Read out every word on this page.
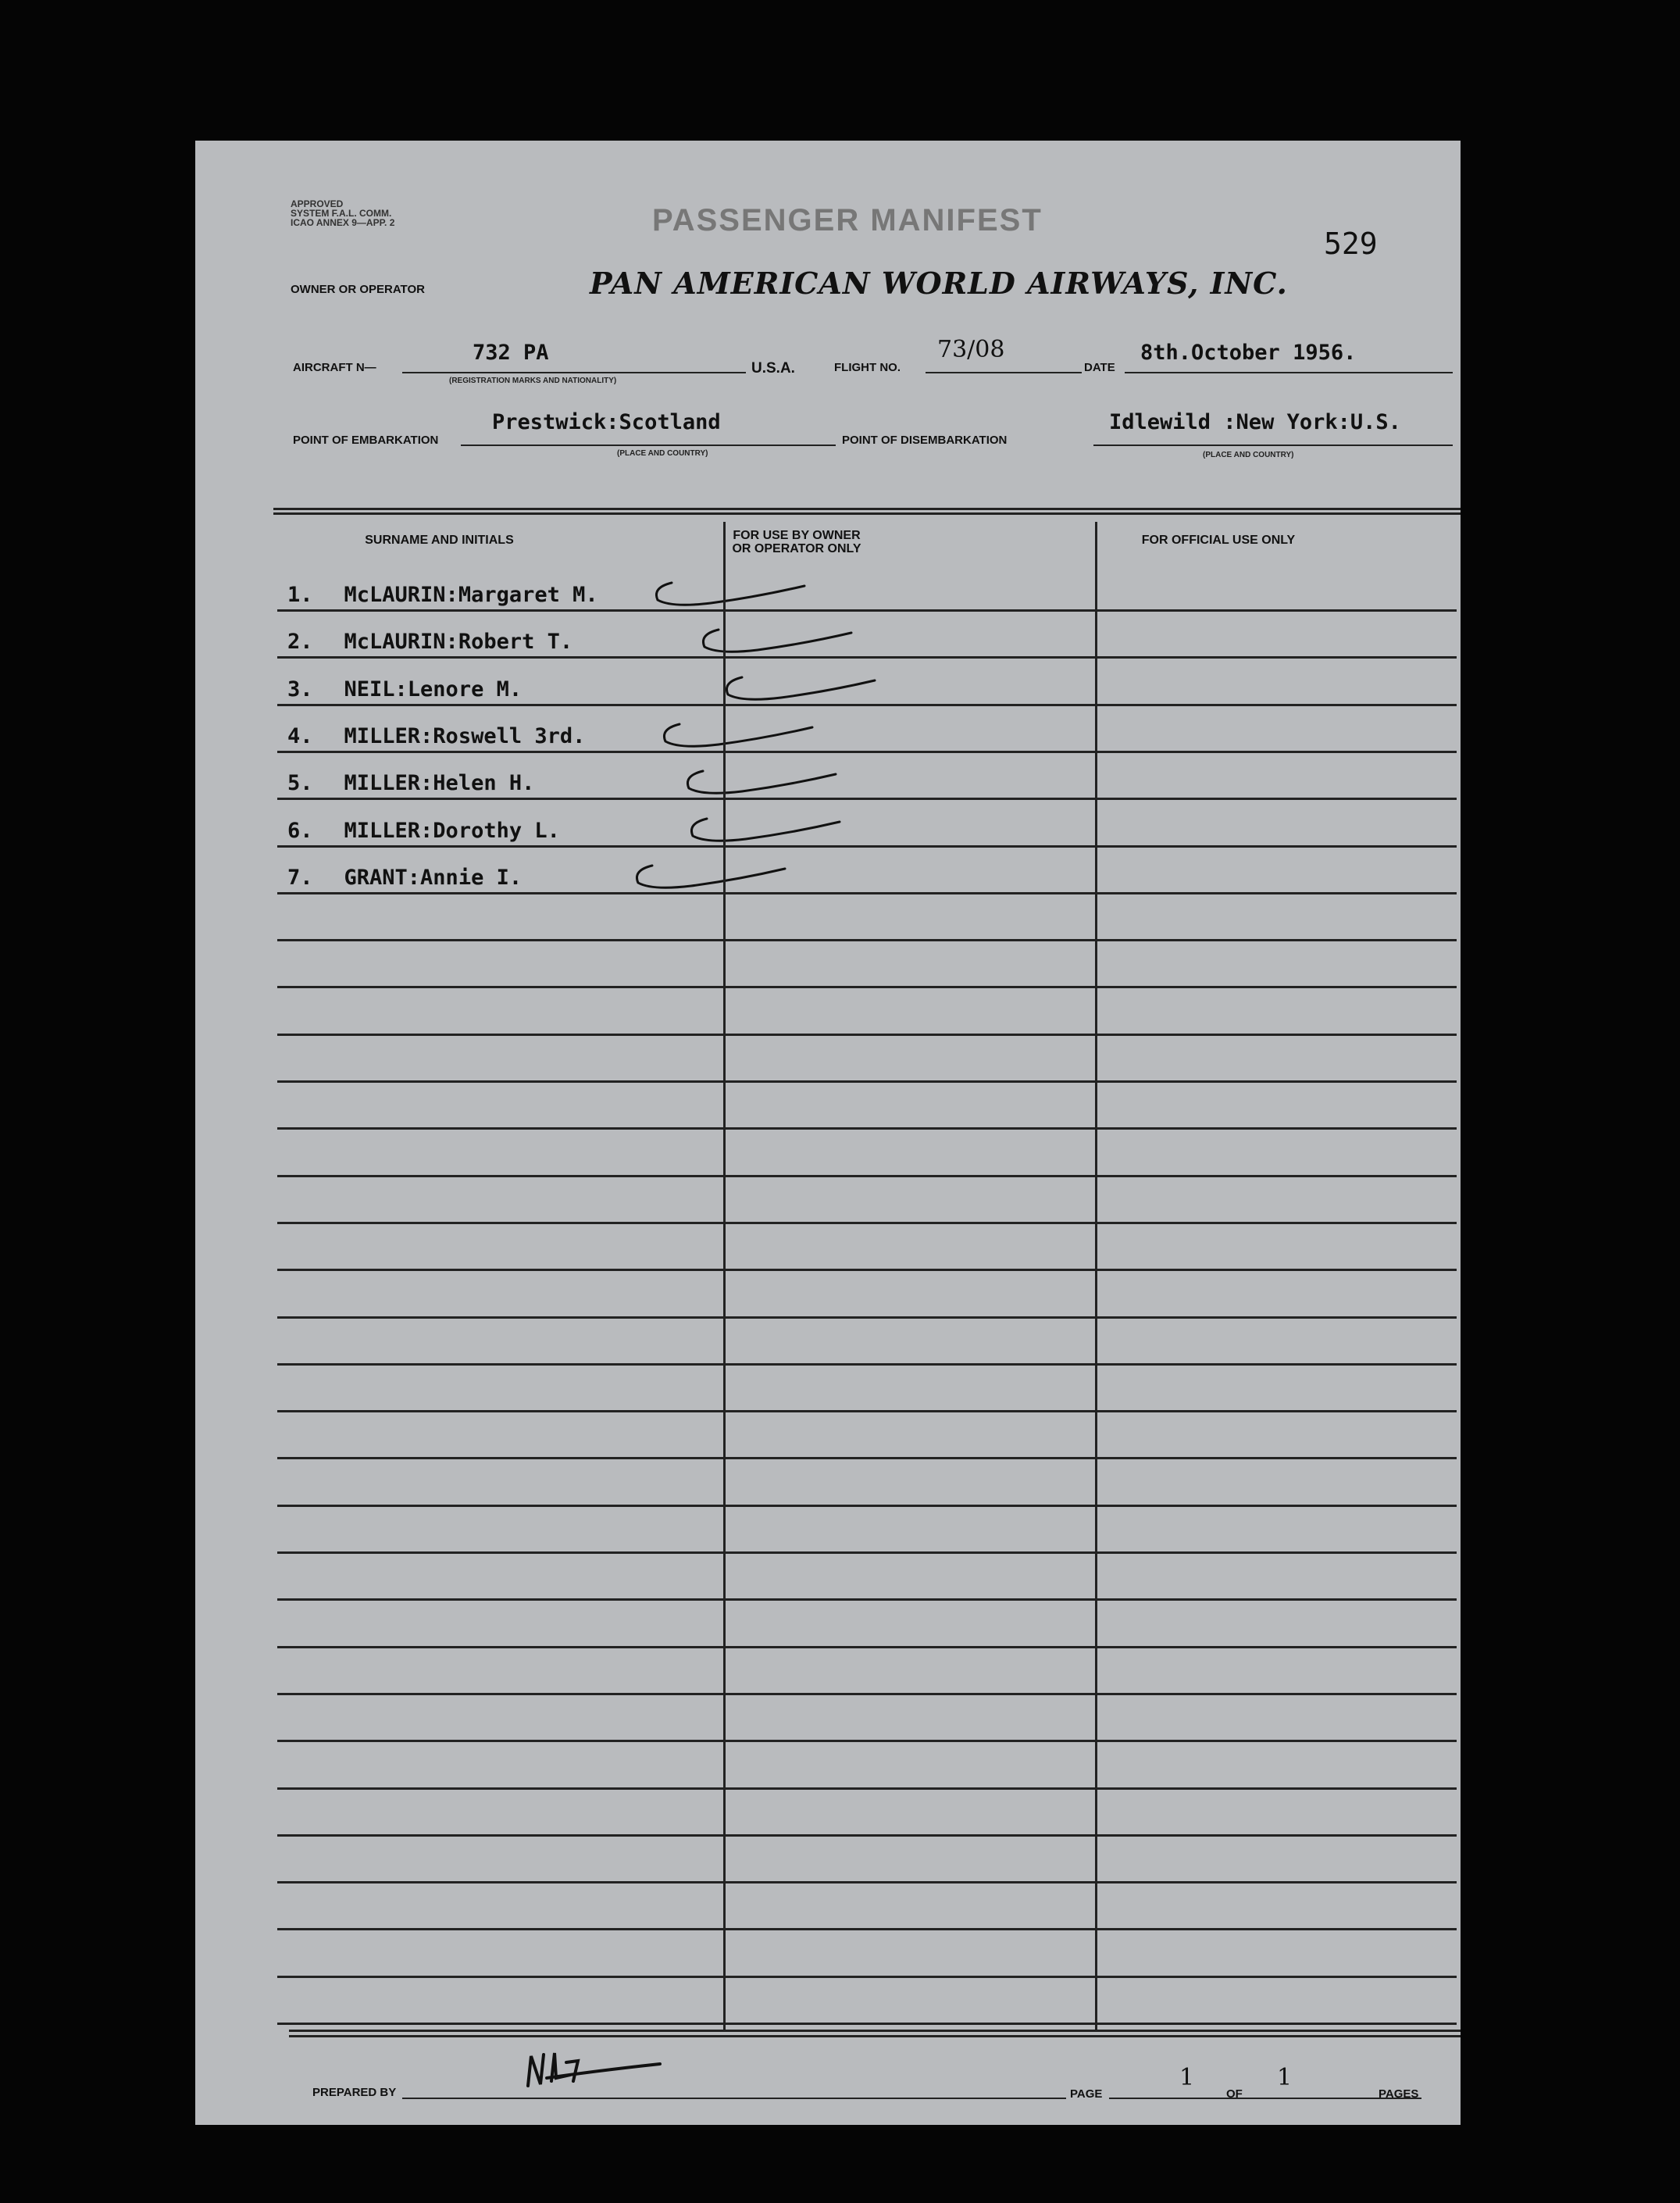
APPROVED
SYSTEM F.A.L. COMM.
ICAO ANNEX 9—APP. 2	PASSENGER MANIFEST
529
OWNER OR OPERATOR	PAN AMERICAN WORLD AIRWAYS, INC.
AIRCRAFT N—
732 PA
(REGISTRATION MARKS AND NATIONALITY)
U.S.A.	FLIGHT NO.
73/08
DATE
8th.October 1956.
POINT OF EMBARKATION
Prestwick:Scotland
(PLACE AND COUNTRY)
POINT OF DISEMBARKATION
Idlewild :New York:U.S.
(PLACE AND COUNTRY)
SURNAME AND INITIALS	FOR USE BY OWNER
OR OPERATOR ONLY
FOR OFFICIAL USE ONLY
1. McLAURIN:Margaret M.
2. McLAURIN:Robert T.
3. NEIL:Lenore M.
4. MILLER:Roswell 3rd.
5. MILLER:Helen H.
6. MILLER:Dorothy L.
7. GRANT:Annie I.
PREPARED BY	PAGE
1
OF
1
PAGES
